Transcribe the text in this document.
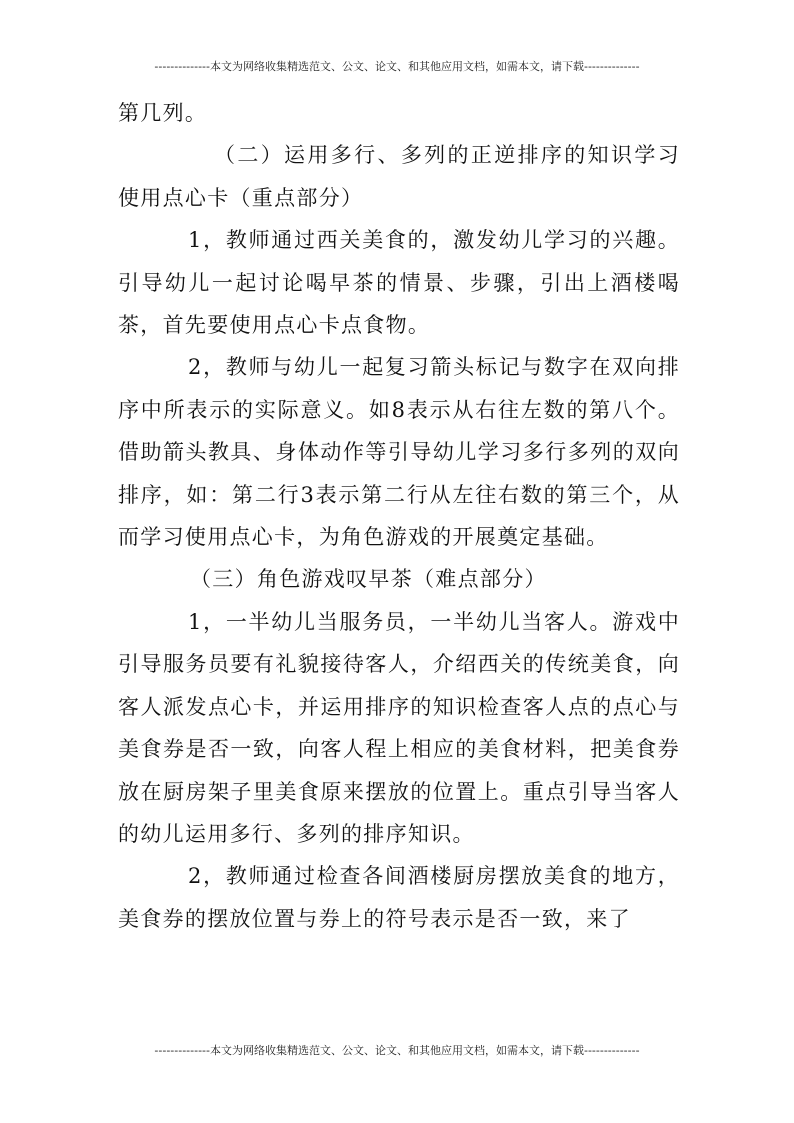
--------------本文为网络收集精选范文、公文、论文、和其他应用文档，如需本文，请下载--------------

第几列。

（二）运用多行、多列的正逆排序的知识学习使用点心卡（重点部分）

1，教师通过西关美食的，激发幼儿学习的兴趣。引导幼儿一起讨论喝早茶的情景、步骤，引出上酒楼喝茶，首先要使用点心卡点食物。

2，教师与幼儿一起复习箭头标记与数字在双向排序中所表示的实际意义。如8表示从右往左数的第八个。借助箭头教具、身体动作等引导幼儿学习多行多列的双向排序，如：第二行3表示第二行从左往右数的第三个，从而学习使用点心卡，为角色游戏的开展奠定基础。

（三）角色游戏叹早茶（难点部分）

1，一半幼儿当服务员，一半幼儿当客人。游戏中引导服务员要有礼貌接待客人，介绍西关的传统美食，向客人派发点心卡，并运用排序的知识检查客人点的点心与美食券是否一致，向客人程上相应的美食材料，把美食券放在厨房架子里美食原来摆放的位置上。重点引导当客人的幼儿运用多行、多列的排序知识。

2，教师通过检查各间酒楼厨房摆放美食的地方，美食券的摆放位置与券上的符号表示是否一致，来了

--------------本文为网络收集精选范文、公文、论文、和其他应用文档，如需本文，请下载--------------
